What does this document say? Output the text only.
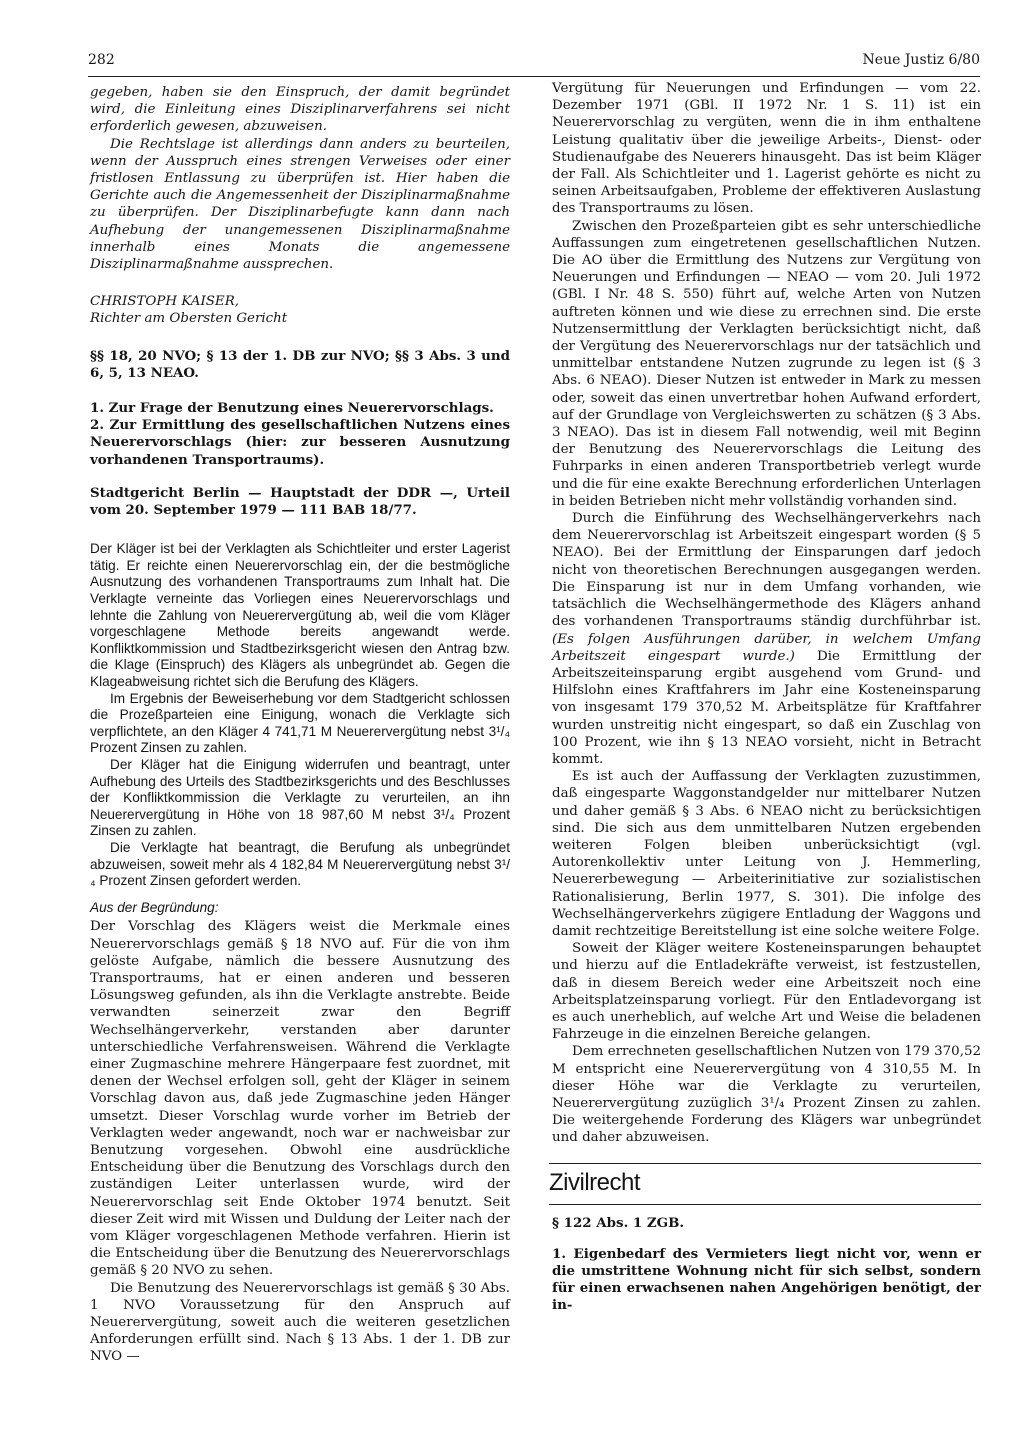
282	Neue Justiz 6/80

gegeben, haben sie den Einspruch, der damit begründet wird, die Einleitung eines Disziplinarverfahrens sei nicht erforderlich gewesen, abzuweisen.

Die Rechtslage ist allerdings dann anders zu beurteilen, wenn der Ausspruch eines strengen Verweises oder einer fristlosen Entlassung zu überprüfen ist. Hier haben die Gerichte auch die Angemessenheit der Disziplinarmaßnahme zu überprüfen. Der Disziplinarbefugte kann dann nach Aufhebung der unangemessenen Disziplinarmaßnahme innerhalb eines Monats die angemessene Disziplinarmaßnahme aussprechen.

CHRISTOPH KAISER,

Richter am Obersten Gericht

§§ 18, 20 NVO; § 13 der 1. DB zur NVO; §§ 3 Abs. 3 und 6, 5, 13 NEAO.

1. Zur Frage der Benutzung eines Neuerervorschlags.

2. Zur Ermittlung des gesellschaftlichen Nutzens eines Neuerervorschlags (hier: zur besseren Ausnutzung vorhandenen Transportraums).

Stadtgericht Berlin — Hauptstadt der DDR —, Urteil vom 20. September 1979 — 111 BAB 18/77.

Der Kläger ist bei der Verklagten als Schichtleiter und erster Lagerist tätig. Er reichte einen Neuerervorschlag ein, der die bestmögliche Ausnutzung des vorhandenen Transportraums zum Inhalt hat. Die Verklagte verneinte das Vorliegen eines Neuerervorschlags und lehnte die Zahlung von Neuerervergütung ab, weil die vom Kläger vorgeschlagene Methode bereits angewandt werde. Konfliktkommission und Stadtbezirksgericht wiesen den Antrag bzw. die Klage (Einspruch) des Klägers als unbegründet ab. Gegen die Klageabweisung richtet sich die Berufung des Klägers.

Im Ergebnis der Beweiserhebung vor dem Stadtgericht schlossen die Prozeßparteien eine Einigung, wonach die Verklagte sich verpflichtete, an den Kläger 4 741,71 M Neuerervergütung nebst 3¹/₄ Prozent Zinsen zu zahlen.

Der Kläger hat die Einigung widerrufen und beantragt, unter Aufhebung des Urteils des Stadtbezirksgerichts und des Beschlusses der Konfliktkommission die Verklagte zu verurteilen, an ihn Neuerervergütung in Höhe von 18 987,60 M nebst 3¹/₄ Prozent Zinsen zu zahlen.

Die Verklagte hat beantragt, die Berufung als unbegründet abzuweisen, soweit mehr als 4 182,84 M Neuerervergütung nebst 3¹/₄ Prozent Zinsen gefordert werden.

Aus der Begründung:

Der Vorschlag des Klägers weist die Merkmale eines Neuerervorschlags gemäß § 18 NVO auf. Für die von ihm gelöste Aufgabe, nämlich die bessere Ausnutzung des Transportraums, hat er einen anderen und besseren Lösungsweg gefunden, als ihn die Verklagte anstrebte. Beide verwandten seinerzeit zwar den Begriff Wechselhängerverkehr, verstanden aber darunter unterschiedliche Verfahrensweisen. Während die Verklagte einer Zugmaschine mehrere Hängerpaare fest zuordnet, mit denen der Wechsel erfolgen soll, geht der Kläger in seinem Vorschlag davon aus, daß jede Zugmaschine jeden Hänger umsetzt. Dieser Vorschlag wurde vorher im Betrieb der Verklagten weder angewandt, noch war er nachweisbar zur Benutzung vorgesehen. Obwohl eine ausdrückliche Entscheidung über die Benutzung des Vorschlags durch den zuständigen Leiter unterlassen wurde, wird der Neuerervorschlag seit Ende Oktober 1974 benutzt. Seit dieser Zeit wird mit Wissen und Duldung der Leiter nach der vom Kläger vorgeschlagenen Methode verfahren. Hierin ist die Entscheidung über die Benutzung des Neuerervorschlags gemäß § 20 NVO zu sehen.

Die Benutzung des Neuerervorschlags ist gemäß § 30 Abs. 1 NVO Voraussetzung für den Anspruch auf Neuerervergütung, soweit auch die weiteren gesetzlichen Anforderungen erfüllt sind. Nach § 13 Abs. 1 der 1. DB zur NVO —

Vergütung für Neuerungen und Erfindungen — vom 22. Dezember 1971 (GBl. II 1972 Nr. 1 S. 11) ist ein Neuerervorschlag zu vergüten, wenn die in ihm enthaltene Leistung qualitativ über die jeweilige Arbeits-, Dienst- oder Studienaufgabe des Neuerers hinausgeht. Das ist beim Kläger der Fall. Als Schichtleiter und 1. Lagerist gehörte es nicht zu seinen Arbeitsaufgaben, Probleme der effektiveren Auslastung des Transportraums zu lösen.

Zwischen den Prozeßparteien gibt es sehr unterschiedliche Auffassungen zum eingetretenen gesellschaftlichen Nutzen. Die AO über die Ermittlung des Nutzens zur Vergütung von Neuerungen und Erfindungen — NEAO — vom 20. Juli 1972 (GBl. I Nr. 48 S. 550) führt auf, welche Arten von Nutzen auftreten können und wie diese zu errechnen sind. Die erste Nutzensermittlung der Verklagten berücksichtigt nicht, daß der Vergütung des Neuerervorschlags nur der tatsächlich und unmittelbar entstandene Nutzen zugrunde zu legen ist (§ 3 Abs. 6 NEAO). Dieser Nutzen ist entweder in Mark zu messen oder, soweit das einen unvertretbar hohen Aufwand erfordert, auf der Grundlage von Vergleichswerten zu schätzen (§ 3 Abs. 3 NEAO). Das ist in diesem Fall notwendig, weil mit Beginn der Benutzung des Neuerervorschlags die Leitung des Fuhrparks in einen anderen Transportbetrieb verlegt wurde und die für eine exakte Berechnung erforderlichen Unterlagen in beiden Betrieben nicht mehr vollständig vorhanden sind.

Durch die Einführung des Wechselhängerverkehrs nach dem Neuerervorschlag ist Arbeitszeit eingespart worden (§ 5 NEAO). Bei der Ermittlung der Einsparungen darf jedoch nicht von theoretischen Berechnungen ausgegangen werden. Die Einsparung ist nur in dem Umfang vorhanden, wie tatsächlich die Wechselhängermethode des Klägers anhand des vorhandenen Transportraums ständig durchführbar ist. (Es folgen Ausführungen darüber, in welchem Umfang Arbeitszeit eingespart wurde.) Die Ermittlung der Arbeitszeiteinsparung ergibt ausgehend vom Grund- und Hilfslohn eines Kraftfahrers im Jahr eine Kosteneinsparung von insgesamt 179 370,52 M. Arbeitsplätze für Kraftfahrer wurden unstreitig nicht eingespart, so daß ein Zuschlag von 100 Prozent, wie ihn § 13 NEAO vorsieht, nicht in Betracht kommt.

Es ist auch der Auffassung der Verklagten zuzustimmen, daß eingesparte Waggonstandgelder nur mittelbarer Nutzen und daher gemäß § 3 Abs. 6 NEAO nicht zu berücksichtigen sind. Die sich aus dem unmittelbaren Nutzen ergebenden weiteren Folgen bleiben unberücksichtigt (vgl. Autorenkollektiv unter Leitung von J. Hemmerling, Neuererbewegung — Arbeiterinitiative zur sozialistischen Rationalisierung, Berlin 1977, S. 301). Die infolge des Wechselhängerverkehrs zügigere Entladung der Waggons und damit rechtzeitige Bereitstellung ist eine solche weitere Folge.

Soweit der Kläger weitere Kosteneinsparungen behauptet und hierzu auf die Entladekräfte verweist, ist festzustellen, daß in diesem Bereich weder eine Arbeitszeit noch eine Arbeitsplatzeinsparung vorliegt. Für den Entladevorgang ist es auch unerheblich, auf welche Art und Weise die beladenen Fahrzeuge in die einzelnen Bereiche gelangen.

Dem errechneten gesellschaftlichen Nutzen von 179 370,52 M entspricht eine Neuerervergütung von 4 310,55 M. In dieser Höhe war die Verklagte zu verurteilen, Neuerervergütung zuzüglich 3¹/₄ Prozent Zinsen zu zahlen. Die weitergehende Forderung des Klägers war unbegründet und daher abzuweisen.

Zivilrecht

§ 122 Abs. 1 ZGB.

1. Eigenbedarf des Vermieters liegt nicht vor, wenn er die umstrittene Wohnung nicht für sich selbst, sondern für einen erwachsenen nahen Angehörigen benötigt, der in-
